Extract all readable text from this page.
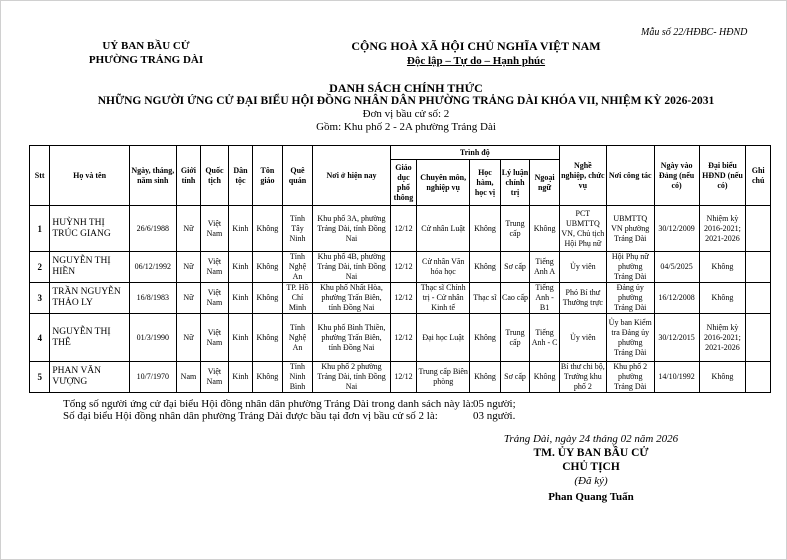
Mẫu số 22/HĐBC- HĐND
UỶ BAN BẦU CỬ
PHƯỜNG TRẢNG DÀI
CỘNG HOÀ XÃ HỘI CHỦ NGHĨA VIỆT NAM
Độc lập – Tự do – Hạnh phúc
DANH SÁCH CHÍNH THỨC
NHỮNG NGƯỜI ỨNG CỬ ĐẠI BIỂU HỘI ĐỒNG NHÂN DÂN PHƯỜNG TRẢNG DÀI KHÓA VII, NHIỆM KỲ 2026-2031
Đơn vị bầu cử số: 2
Gồm: Khu phố 2 - 2A phường Trảng Dài
Stt	Họ và tên	Ngày, tháng, năm sinh	Giới tính	Quốc tịch	Dân tộc	Tôn giáo	Quê quán	Nơi ở hiện nay	Trình độ					Nghề nghiệp, chức vụ	Nơi công tác	Ngày vào Đảng (nếu có)	Đại biểu HĐND (nếu có)	Ghi chú
									Giáo dục phổ thông	Chuyên môn, nghiệp vụ	Học hàm, học vị	Lý luận chính trị	Ngoại ngữ					
1	HUỲNH THỊ TRÚC GIANG	26/6/1988	Nữ	Việt Nam	Kinh	Không	Tỉnh Tây Ninh	Khu phố 3A, phường Trảng Dài, tỉnh Đồng Nai	12/12	Cử nhân Luật	Không	Trung cấp	Không	PCT UBMTTQ VN, Chủ tịch Hội Phụ nữ	UBMTTQ VN phường Trảng Dài	30/12/2009	Nhiệm kỳ 2016-2021; 2021-2026	
2	NGUYỄN THỊ HIỀN	06/12/1992	Nữ	Việt Nam	Kinh	Không	Tỉnh Nghệ An	Khu phố 4B, phường Trảng Dài, tỉnh Đồng Nai	12/12	Cử nhân Văn hóa học	Không	Sơ cấp	Tiếng Anh A	Ủy viên	Hội Phụ nữ phường Trảng Dài	04/5/2025	Không	
3	TRẦN NGUYỄN THẢO LY	16/8/1983	Nữ	Việt Nam	Kinh	Không	TP. Hồ Chí Minh	Khu phố Nhất Hòa, phường Trấn Biên, tỉnh Đồng Nai	12/12	Thạc sĩ Chính trị - Cử nhân Kinh tế	Thạc sĩ	Cao cấp	Tiếng Anh - B1	Phó Bí thư Thường trực	Đảng ủy phường Trảng Dài	16/12/2008	Không	
4	NGUYỄN THỊ THÊ	01/3/1990	Nữ	Việt Nam	Kinh	Không	Tỉnh Nghệ An	Khu phố Bình Thiền, phường Trấn Biên, tỉnh Đồng Nai	12/12	Đại học Luật	Không	Trung cấp	Tiếng Anh - C	Ủy viên	Ủy ban Kiểm tra Đảng ủy phường Trảng Dài	30/12/2015	Nhiệm kỳ 2016-2021; 2021-2026	
5	PHAN VĂN VƯỢNG	10/7/1970	Nam	Việt Nam	Kinh	Không	Tỉnh Ninh Bình	Khu phố 2 phường Trảng Dài, tỉnh Đồng Nai	12/12	Trung cấp Biên phòng	Không	Sơ cấp	Không	Bí thư chi bộ, Trưởng khu phố 2	Khu phố 2 phường Trảng Dài	14/10/1992	Không	
Tổng số người ứng cử đại biểu Hội đồng nhân dân phường Trảng Dài trong danh sách này là: 05 người;
Số đại biểu Hội đồng nhân dân phường Trảng Dài được bầu tại đơn vị bầu cử số 2 là:	03 người.
Trảng Dài, ngày 24 tháng 02 năm 2026
TM. ỦY BAN BẦU CỬ
CHỦ TỊCH
(Đã ký)
Phan Quang Tuấn
